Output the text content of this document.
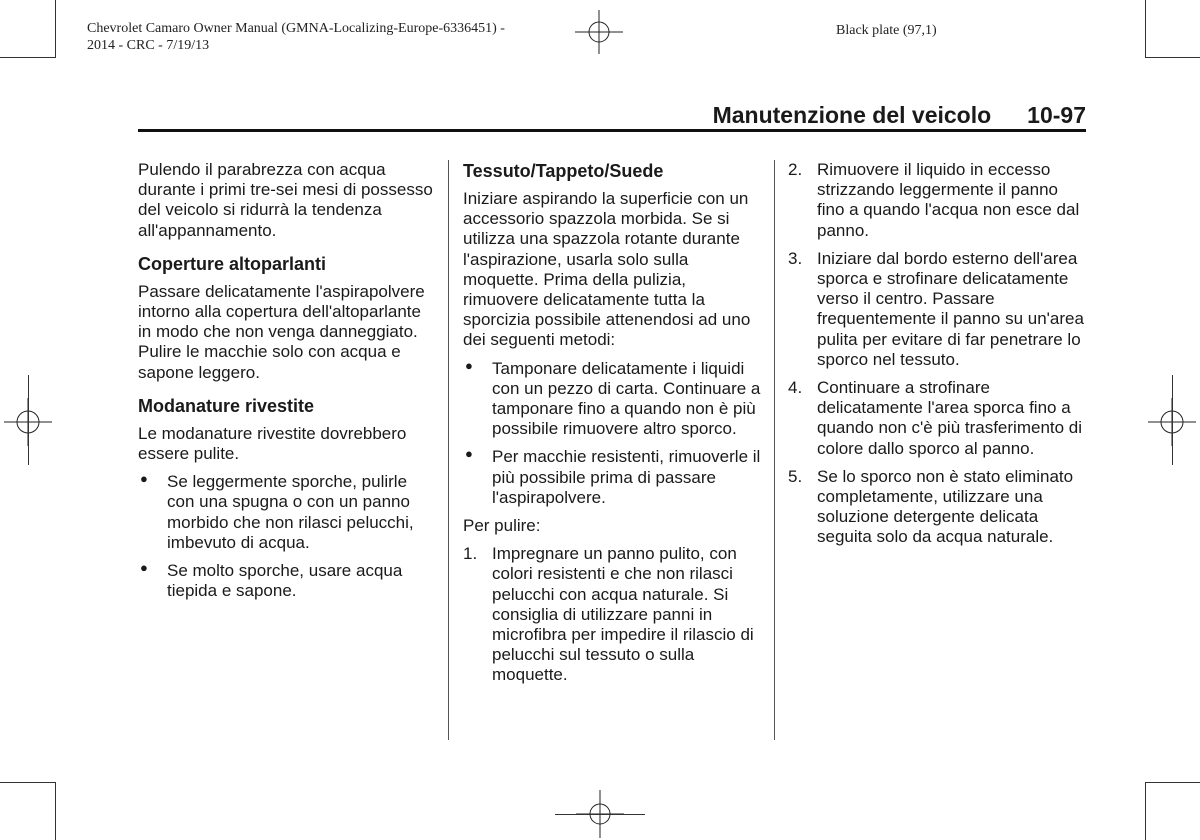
Chevrolet Camaro Owner Manual (GMNA-Localizing-Europe-6336451) -
2014 - CRC - 7/19/13
Black plate (97,1)
Manutenzione del veicolo 10-97

Pulendo il parabrezza con acqua durante i primi tre-sei mesi di possesso del veicolo si ridurrà la tendenza all'appannamento.

Coperture altoparlanti

Passare delicatamente l'aspirapolvere intorno alla copertura dell'altoparlante in modo che non venga danneggiato. Pulire le macchie solo con acqua e sapone leggero.

Modanature rivestite

Le modanature rivestite dovrebbero essere pulite.

● Se leggermente sporche, pulirle con una spugna o con un panno morbido che non rilasci pelucchi, imbevuto di acqua.
● Se molto sporche, usare acqua tiepida e sapone.
Tessuto/Tappeto/Suede

Iniziare aspirando la superficie con un accessorio spazzola morbida. Se si utilizza una spazzola rotante durante l'aspirazione, usarla solo sulla moquette. Prima della pulizia, rimuovere delicatamente tutta la sporcizia possibile attenendosi ad uno dei seguenti metodi:

● Tamponare delicatamente i liquidi con un pezzo di carta. Continuare a tamponare fino a quando non è più possibile rimuovere altro sporco.
● Per macchie resistenti, rimuoverle il più possibile prima di passare l'aspirapolvere.

Per pulire:

1. Impregnare un panno pulito, con colori resistenti e che non rilasci pelucchi con acqua naturale. Si consiglia di utilizzare panni in microfibra per impedire il rilascio di pelucchi sul tessuto o sulla moquette.
2. Rimuovere il liquido in eccesso strizzando leggermente il panno fino a quando l'acqua non esce dal panno.
3. Iniziare dal bordo esterno dell'area sporca e strofinare delicatamente verso il centro. Passare frequentemente il panno su un'area pulita per evitare di far penetrare lo sporco nel tessuto.
4. Continuare a strofinare delicatamente l'area sporca fino a quando non c'è più trasferimento di colore dallo sporco al panno.
5. Se lo sporco non è stato eliminato completamente, utilizzare una soluzione detergente delicata seguita solo da acqua naturale.
